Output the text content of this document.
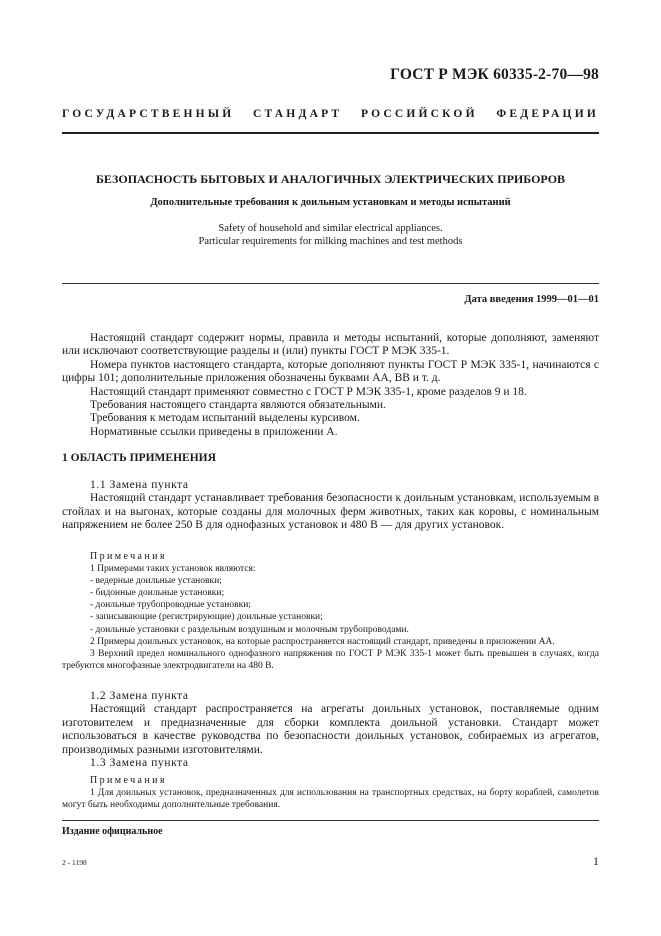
ГОСТ Р МЭК 60335-2-70—98
ГОСУДАРСТВЕННЫЙ СТАНДАРТ РОССИЙСКОЙ ФЕДЕРАЦИИ
БЕЗОПАСНОСТЬ БЫТОВЫХ И АНАЛОГИЧНЫХ ЭЛЕКТРИЧЕСКИХ ПРИБОРОВ
Дополнительные требования к доильным установкам и методы испытаний
Safety of household and similar electrical appliances.
Particular requirements for milking machines and test methods
Дата введения 1999—01—01

Настоящий стандарт содержит нормы, правила и методы испытаний, которые дополняют, заменяют или исключают соответствующие разделы и (или) пункты ГОСТ Р МЭК 335-1.

Номера пунктов настоящего стандарта, которые дополняют пункты ГОСТ Р МЭК 335-1, начинаются с цифры 101; дополнительные приложения обозначены буквами АА, ВВ и т. д.

Настоящий стандарт применяют совместно с ГОСТ Р МЭК 335-1, кроме разделов 9 и 18.

Требования настоящего стандарта являются обязательными.

Требования к методам испытаний выделены курсивом.

Нормативные ссылки приведены в приложении А.

1 ОБЛАСТЬ ПРИМЕНЕНИЯ

1.1 Замена пункта

Настоящий стандарт устанавливает требования безопасности к доильным установкам, используемым в стойлах и на выгонах, которые созданы для молочных ферм животных, таких как коровы, с номинальным напряжением не более 250 В для однофазных установок и 480 В — для других установок.

Примечания

1 Примерами таких установок являются:

- ведерные доильные установки;

- бидонные доильные установки;

- доильные трубопроводные установки;

- записывающие (регистрирующие) доильные установки;

- доильные установки с раздельным воздушным и молочным трубопроводами.

2 Примеры доильных установок, на которые распространяется настоящий стандарт, приведены в приложении АА.

3 Верхний предел номинального однофазного напряжения по ГОСТ Р МЭК 335-1 может быть превышен в случаях, когда требуются многофазные электродвигатели на 480 В.

1.2 Замена пункта

Настоящий стандарт распространяется на агрегаты доильных установок, поставляемые одним изготовителем и предназначенные для сборки комплекта доильной установки. Стандарт может использоваться в качестве руководства по безопасности доильных установок, собираемых из агрегатов, производимых разными изготовителями.

1.3 Замена пункта

Примечания

1 Для доильных установок, предназначенных для использования на транспортных средствах, на борту кораблей, самолетов могут быть необходимы дополнительные требования.

Издание официальное
2 - 1198	1
